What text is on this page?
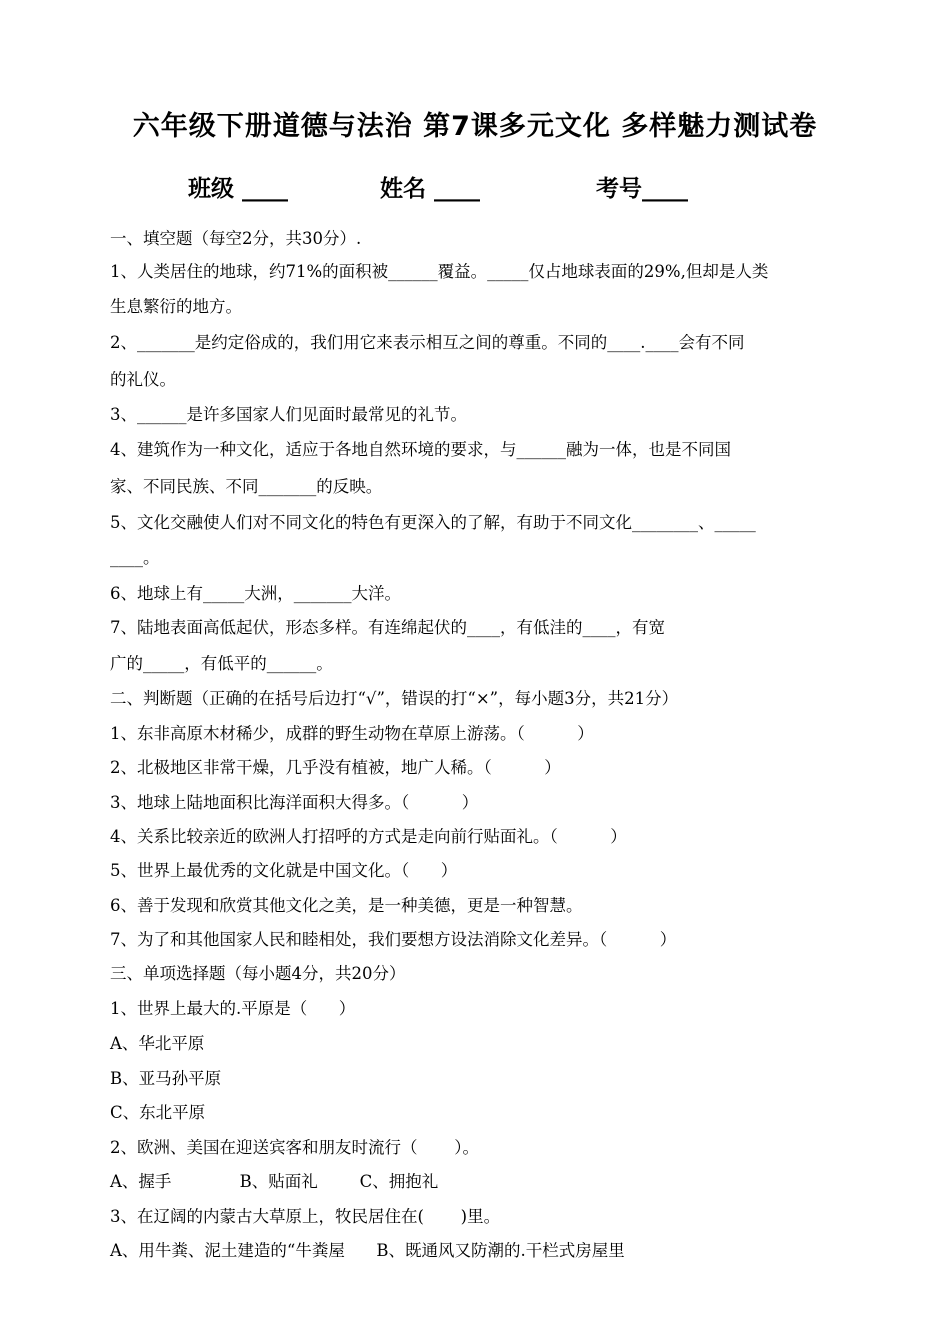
六年级下册道德与法治 第7课多元文化 多样魅力测试卷
班级 ____	姓名 ____	考号____
一、填空题（每空2分，共30分）.
1、人类居住的地球，约71%的面积被______覆益。_____仅占地球表面的29%,但却是人类
生息繁衍的地方。
2、_______是约定俗成的，我们用它来表示相互之间的尊重。不同的____.____会有不同
的礼仪。
3、______是许多国家人们见面时最常见的礼节。
4、建筑作为一种文化，适应于各地自然环境的要求，与______融为一体，也是不同国
家、不同民族、不同_______的反映。
5、文化交融使人们对不同文化的特色有更深入的了解，有助于不同文化________、_____
____。
6、地球上有_____大洲，_______大洋。
7、陆地表面高低起伏，形态多样。有连绵起伏的____，有低洼的____，有宽
广的_____，有低平的______。
二、判断题（正确的在括号后边打“√”，错误的打“×”，每小题3分，共21分）
1、东非高原木材稀少，成群的野生动物在草原上游荡。（          ）
2、北极地区非常干燥，几乎没有植被，地广人稀。（          ）
3、地球上陆地面积比海洋面积大得多。（          ）
4、关系比较亲近的欧洲人打招呼的方式是走向前行贴面礼。（          ）
5、世界上最优秀的文化就是中国文化。（      ）
6、善于发现和欣赏其他文化之美，是一种美德，更是一种智慧。
7、为了和其他国家人民和睦相处，我们要想方设法消除文化差异。（          ）
三、单项选择题（每小题4分，共20分）
1、世界上最大的.平原是（      ）
A、华北平原
B、亚马孙平原
C、东北平原
2、欧洲、美国在迎送宾客和朋友时流行（       ）。
A、握手             B、贴面礼        C、拥抱礼
3、在辽阔的内蒙古大草原上，牧民居住在(       )里。
A、用牛粪、泥土建造的“牛粪屋      B、既通风又防潮的.干栏式房屋里
